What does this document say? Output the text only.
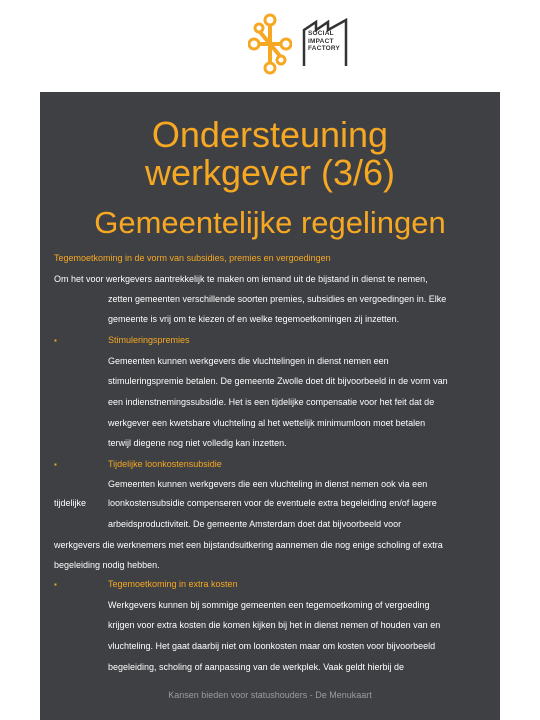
SOCIAL
IMPACT
FACTORY
Ondersteuning
werkgever (3/6)
Gemeentelijke regelingen
Tegemoetkoming in de vorm van subsidies, premies en vergoedingen
Om het voor werkgevers aantrekkelijk te maken om iemand uit de bijstand in dienst te nemen,
zetten gemeenten verschillende soorten premies, subsidies en vergoedingen in. Elke
gemeente is vrij om te kiezen of en welke tegemoetkomingen zij inzetten.
▪	Stimuleringspremies
Gemeenten kunnen werkgevers die vluchtelingen in dienst nemen een
stimuleringspremie betalen. De gemeente Zwolle doet dit bijvoorbeeld in de vorm van
een indienstnemingssubsidie. Het is een tijdelijke compensatie voor het feit dat de
werkgever een kwetsbare vluchteling al het wettelijk minimumloon moet betalen
terwijl diegene nog niet volledig kan inzetten.
▪	Tijdelijke loonkostensubsidie
Gemeenten kunnen werkgevers die een vluchteling in dienst nemen ook via een
tijdelijke loonkostensubsidie compenseren voor de eventuele extra begeleiding en/of lagere
arbeidsproductiviteit. De gemeente Amsterdam doet dat bijvoorbeeld voor
werkgevers die werknemers met een bijstandsuitkering aannemen die nog enige scholing of extra
begeleiding nodig hebben.
▪	Tegemoetkoming in extra kosten
Werkgevers kunnen bij sommige gemeenten een tegemoetkoming of vergoeding
krijgen voor extra kosten die komen kijken bij het in dienst nemen of houden van en
vluchteling. Het gaat daarbij niet om loonkosten maar om kosten voor bijvoorbeeld
begeleiding, scholing of aanpassing van de werkplek. Vaak geldt hierbij de
Kansen bieden voor statushouders - De Menukaart
